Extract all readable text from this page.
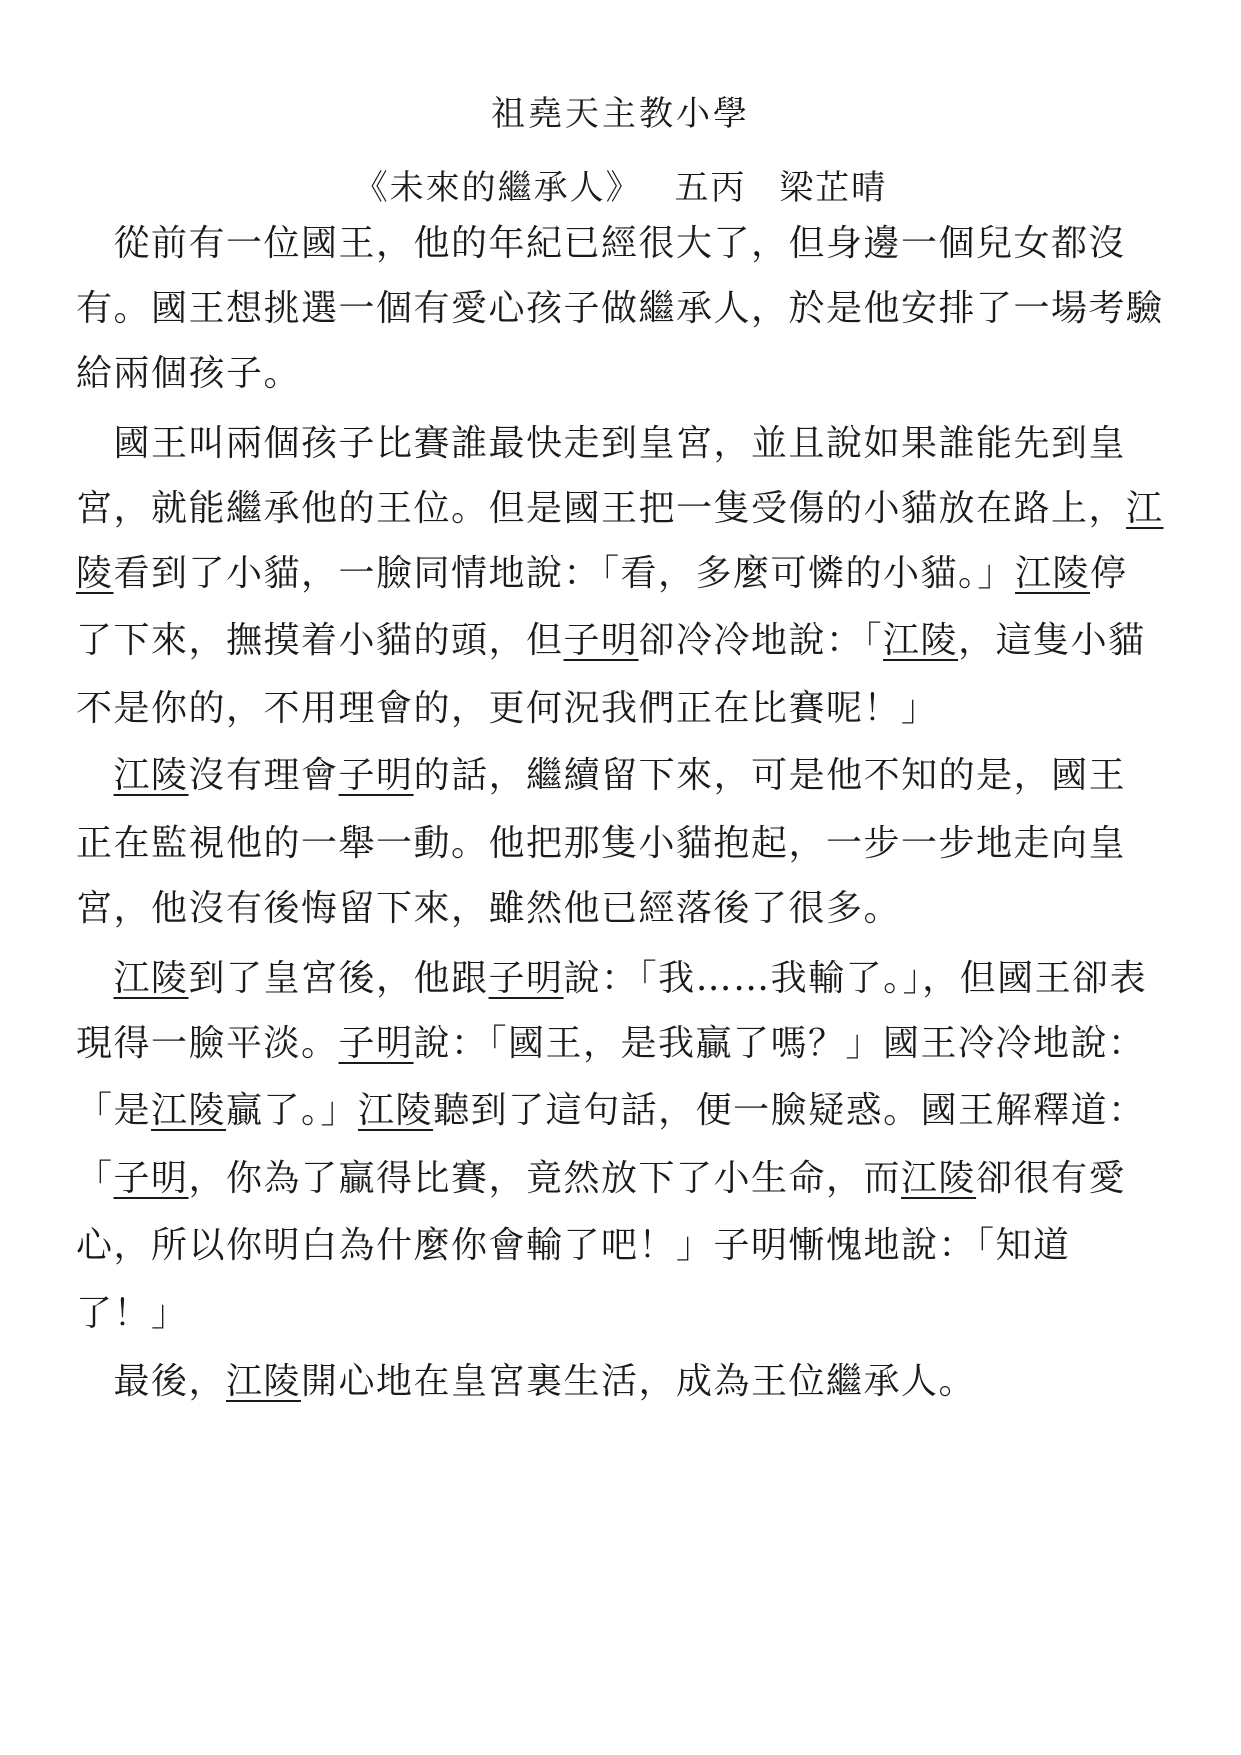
祖堯天主教小學
《未來的繼承人》 五丙 梁芷晴
　從前有一位國王，他的年紀已經很大了，但身邊一個兒女都沒
有。國王想挑選一個有愛心孩子做繼承人，於是他安排了一場考驗
給兩個孩子。
　國王叫兩個孩子比賽誰最快走到皇宮，並且說如果誰能先到皇
宮，就能繼承他的王位。但是國王把一隻受傷的小貓放在路上，江
陵看到了小貓，一臉同情地說：「看，多麼可憐的小貓。」江陵停
了下來，撫摸着小貓的頭，但子明卻冷冷地說：「江陵，這隻小貓
不是你的，不用理會的，更何況我們正在比賽呢！」
　江陵沒有理會子明的話，繼續留下來，可是他不知的是，國王
正在監視他的一舉一動。他把那隻小貓抱起，一步一步地走向皇
宮，他沒有後悔留下來，雖然他已經落後了很多。
　江陵到了皇宮後，他跟子明說：「我……我輸了。」，但國王卻表
現得一臉平淡。子明說：「國王，是我贏了嗎？」國王冷冷地說：
「是江陵贏了。」江陵聽到了這句話，便一臉疑惑。國王解釋道：
「子明，你為了贏得比賽，竟然放下了小生命，而江陵卻很有愛
心，所以你明白為什麼你會輸了吧！」子明慚愧地說：「知道
了！」
　最後，江陵開心地在皇宮裏生活，成為王位繼承人。
